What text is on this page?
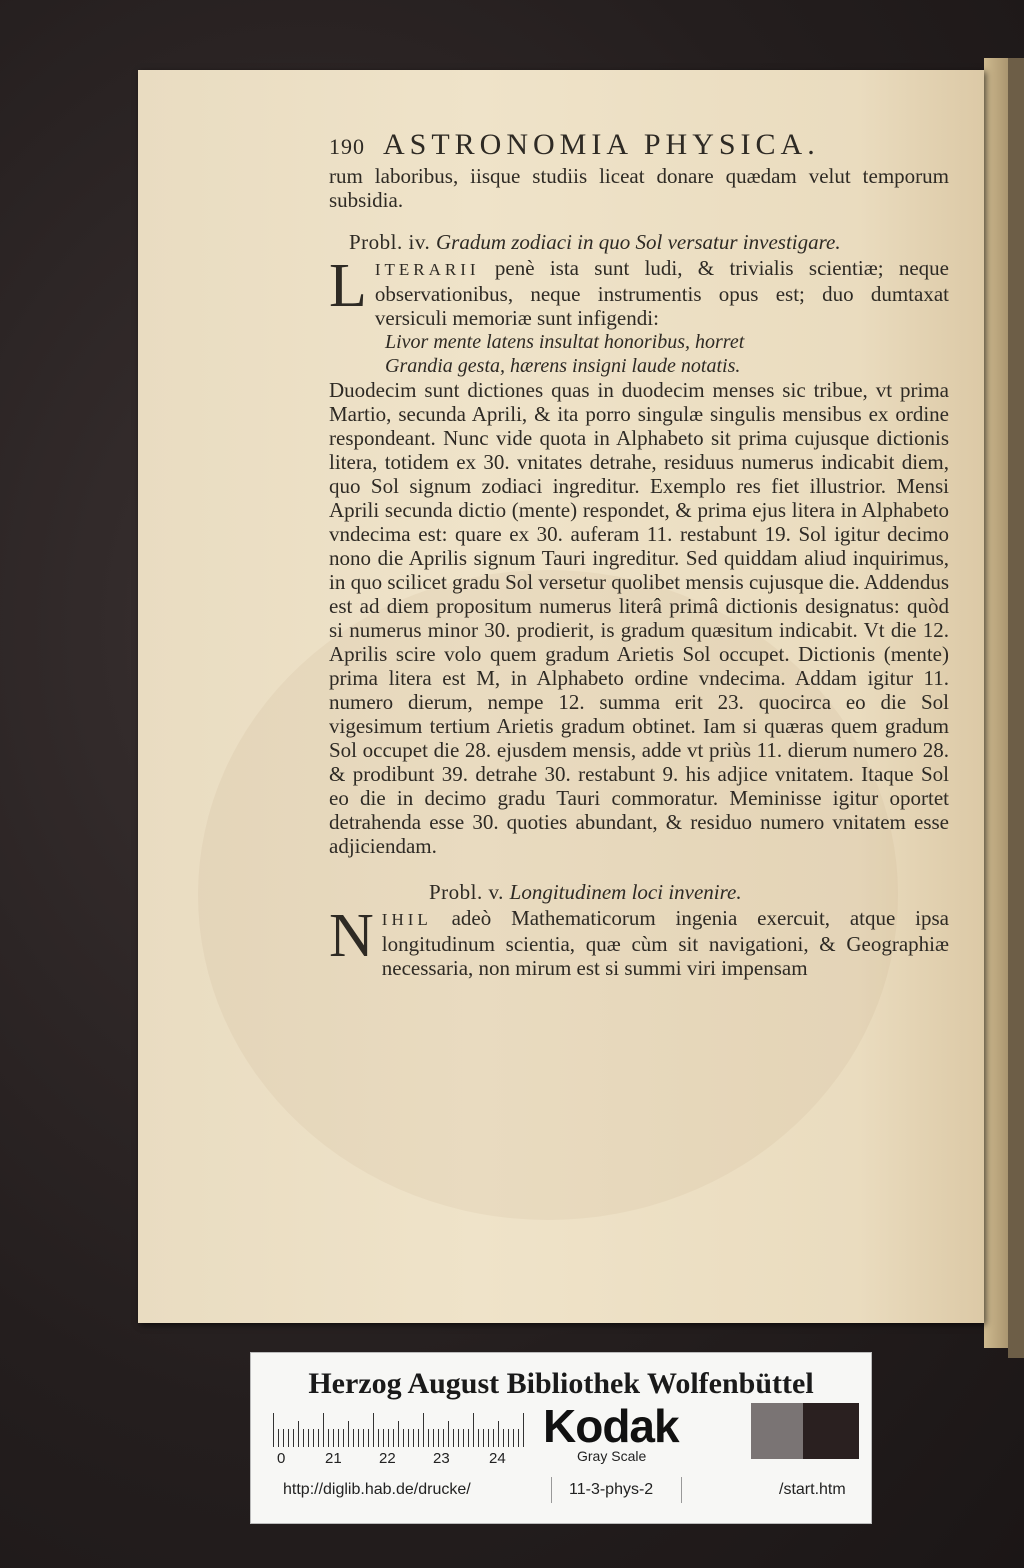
190 ASTRONOMIA PHYSICA.

rum laboribus, iisque studiis liceat donare quædam velut temporum subsidia.

Probl. iv. Gradum zodiaci in quo Sol versatur investigare.

L ITERARII penè ista sunt ludi, & trivialis scientiæ; neque observationibus, neque instrumentis opus est; duo dumtaxat versiculi memoriæ sunt infigendi:

Livor mente latens insultat honoribus, horret

Grandia gesta, hærens insigni laude notatis.

Duodecim sunt dictiones quas in duodecim menses sic tribue, vt prima Martio, secunda Aprili, & ita porro singulæ singulis mensibus ex ordine respondeant. Nunc vide quota in Alphabeto sit prima cujusque dictionis litera, totidem ex 30. vnitates detrahe, residuus numerus indicabit diem, quo Sol signum zodiaci ingreditur. Exemplo res fiet illustrior. Mensi Aprili secunda dictio (mente) respondet, & prima ejus litera in Alphabeto vndecima est: quare ex 30. auferam 11. restabunt 19. Sol igitur decimo nono die Aprilis signum Tauri ingreditur. Sed quiddam aliud inquirimus, in quo scilicet gradu Sol versetur quolibet mensis cujusque die. Addendus est ad diem propositum numerus literâ primâ dictionis designatus: quòd si numerus minor 30. prodierit, is gradum quæsitum indicabit. Vt die 12. Aprilis scire volo quem gradum Arietis Sol occupet. Dictionis (mente) prima litera est M, in Alphabeto ordine vndecima. Addam igitur 11. numero dierum, nempe 12. summa erit 23. quocirca eo die Sol vigesimum tertium Arietis gradum obtinet. Iam si quæras quem gradum Sol occupet die 28. ejusdem mensis, adde vt priùs 11. dierum numero 28. & prodibunt 39. detrahe 30. restabunt 9. his adjice vnitatem. Itaque Sol eo die in decimo gradu Tauri commoratur. Meminisse igitur oportet detrahenda esse 30. quoties abundant, & residuo numero vnitatem esse adjiciendam.

Probl. v. Longitudinem loci invenire.

N IHIL adeò Mathematicorum ingenia exercuit, atque ipsa longitudinum scientia, quæ cùm sit navigationi, & Geographiæ necessaria, non mirum est si summi viri impensam

Herzog August Bibliothek Wolfenbüttel
0	21 22 23	24
Kodak
Gray Scale
http://diglib.hab.de/drucke/	11-3-phys-2	/start.htm
